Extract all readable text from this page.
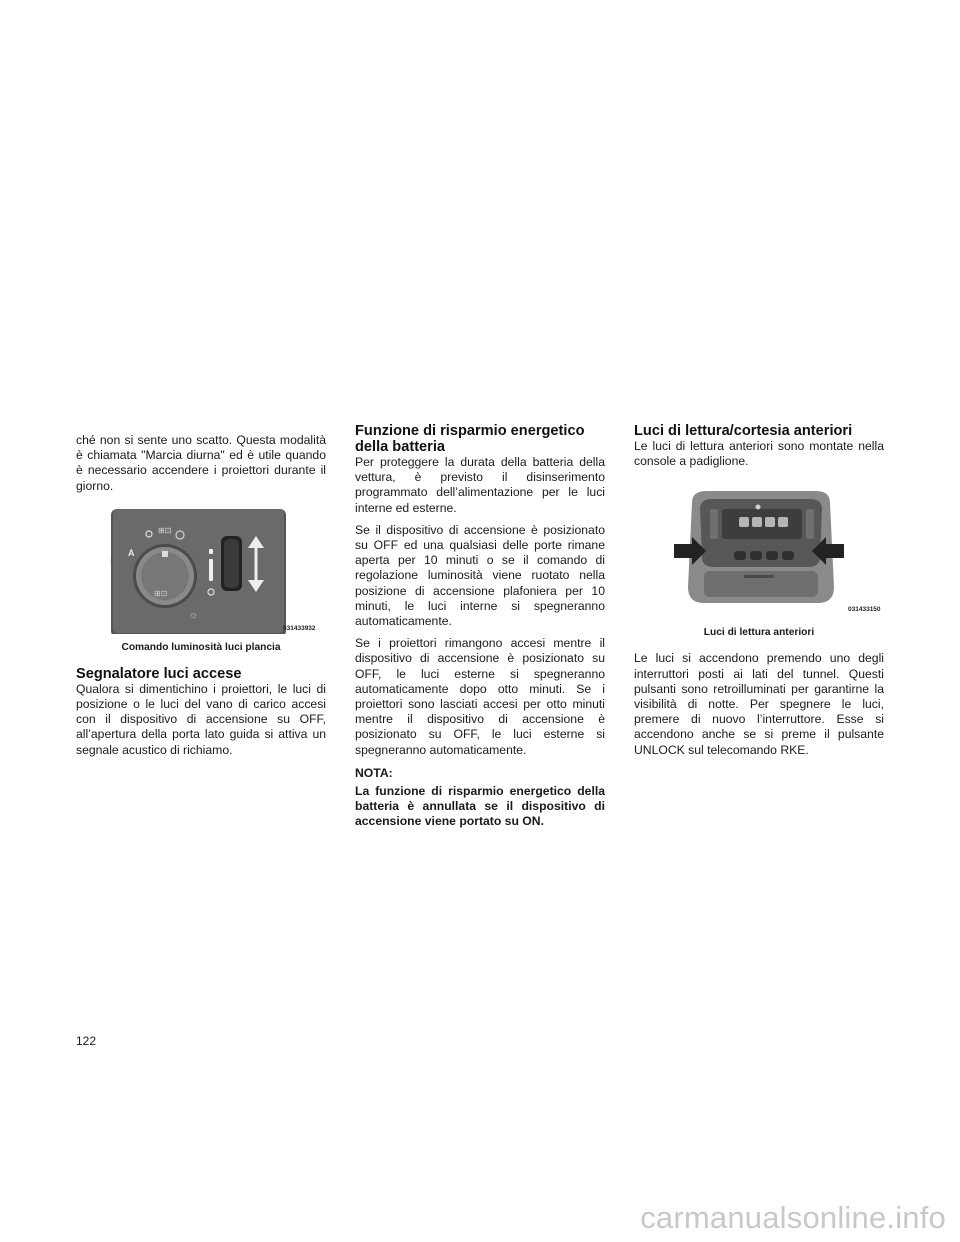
ché non si sente uno scatto. Questa modalità è chiamata "Marcia diurna" ed è utile quando è necessario accendere i proiettori durante il giorno.

⊞⊡
A
⊞⊡
☼
031433932
Comando luminosità luci plancia
Segnalatore luci accese

Qualora si dimentichino i proiettori, le luci di posizione o le luci del vano di carico accesi con il dispositivo di accensione su OFF, all’apertura della porta lato guida si attiva un segnale acustico di richiamo.

Funzione di risparmio energetico della batteria

Per proteggere la durata della batteria della vettura, è previsto il disinserimento programmato dell’alimentazione per le luci interne ed esterne.

Se il dispositivo di accensione è posizionato su OFF ed una qualsiasi delle porte rimane aperta per 10 minuti o se il comando di regolazione luminosità viene ruotato nella posizione di accensione plafoniera per 10 minuti, le luci interne si spegneranno automaticamente.

Se i proiettori rimangono accesi mentre il dispositivo di accensione è posizionato su OFF, le luci esterne si spegneranno automaticamente dopo otto minuti. Se i proiettori sono lasciati accesi per otto minuti mentre il dispositivo di accensione è posizionato su OFF, le luci esterne si spegneranno automaticamente.

NOTA:

La funzione di risparmio energetico della batteria è annullata se il dispositivo di accensione viene portato su ON.

Luci di lettura/cortesia anteriori

Le luci di lettura anteriori sono montate nella console a padiglione.

031433150
Luci di lettura anteriori

Le luci si accendono premendo uno degli interruttori posti ai lati del tunnel. Questi pulsanti sono retroilluminati per garantirne la visibilità di notte. Per spegnere le luci, premere di nuovo l’interruttore. Esse si accendono anche se si preme il pulsante UNLOCK sul telecomando RKE.

122
carmanualsonline.info
